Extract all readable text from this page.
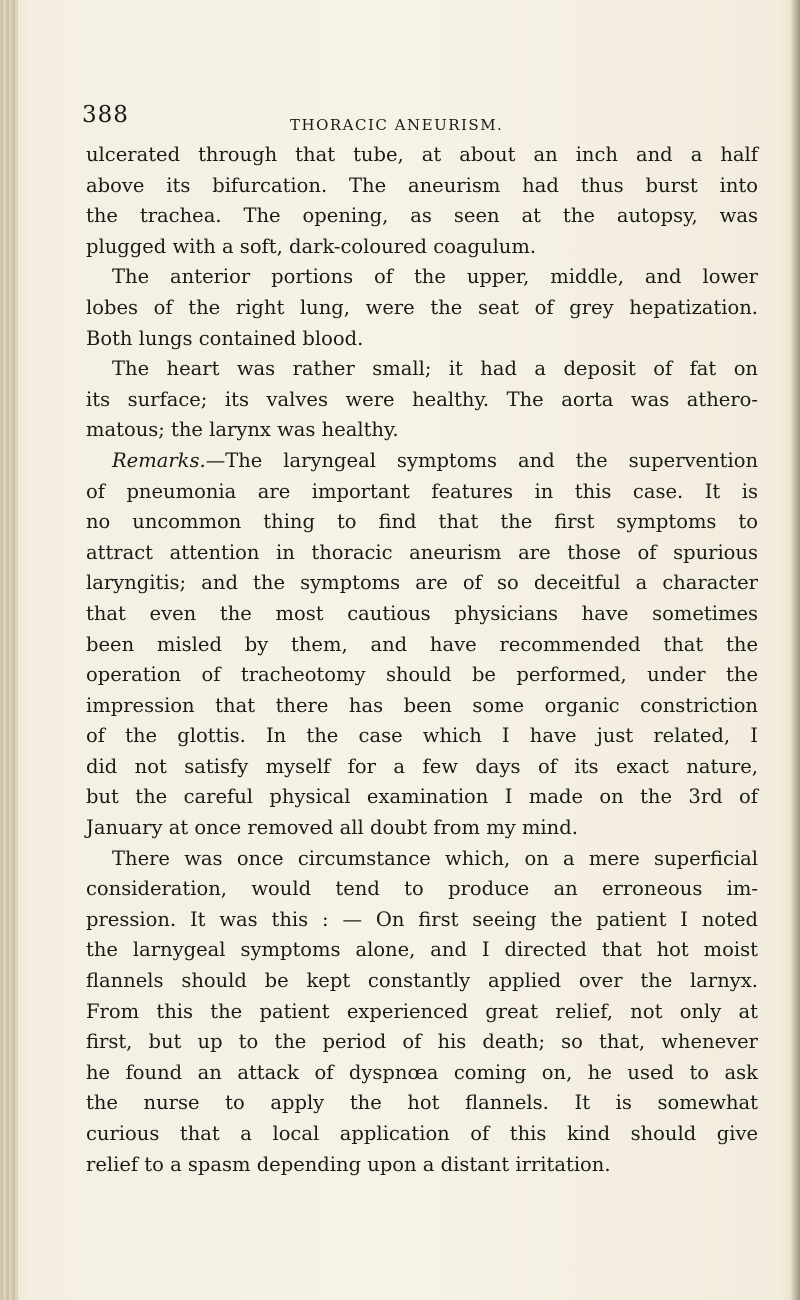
388	THORACIC ANEURISM.
ulcerated through that tube, at about an inch and a half
above its bifurcation. The aneurism had thus burst into
the trachea. The opening, as seen at the autopsy, was
plugged with a soft, dark-coloured coagulum.
The anterior portions of the upper, middle, and lower
lobes of the right lung, were the seat of grey hepatization.
Both lungs contained blood.
The heart was rather small; it had a deposit of fat on
its surface; its valves were healthy. The aorta was athero-
matous; the larynx was healthy.
Remarks.—The laryngeal symptoms and the supervention
of pneumonia are important features in this case. It is
no uncommon thing to find that the first symptoms to
attract attention in thoracic aneurism are those of spurious
laryngitis; and the symptoms are of so deceitful a character
that even the most cautious physicians have sometimes
been misled by them, and have recommended that the
operation of tracheotomy should be performed, under the
impression that there has been some organic constriction
of the glottis. In the case which I have just related, I
did not satisfy myself for a few days of its exact nature,
but the careful physical examination I made on the 3rd of
January at once removed all doubt from my mind.
There was once circumstance which, on a mere superficial
consideration, would tend to produce an erroneous im-
pression. It was this : — On first seeing the patient I noted
the larnygeal symptoms alone, and I directed that hot moist
flannels should be kept constantly applied over the larnyx.
From this the patient experienced great relief, not only at
first, but up to the period of his death; so that, whenever
he found an attack of dyspnœa coming on, he used to ask
the nurse to apply the hot flannels. It is somewhat
curious that a local application of this kind should give
relief to a spasm depending upon a distant irritation.
